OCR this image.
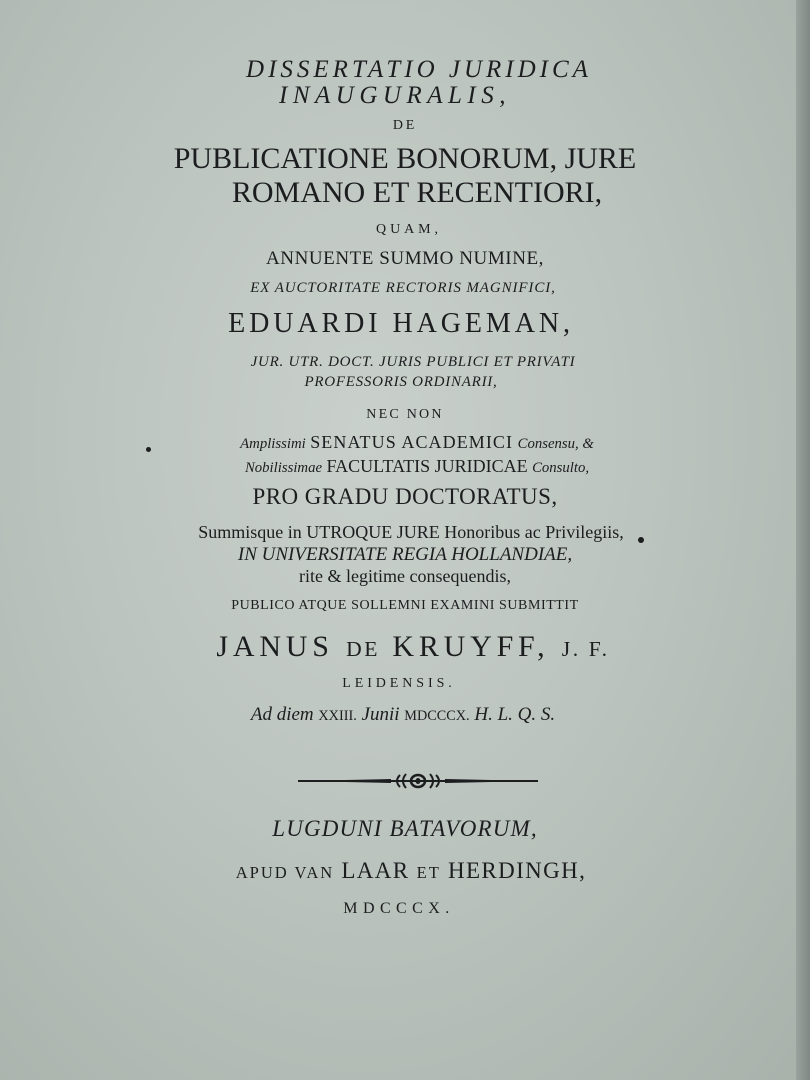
DISSERTATIO JURIDICA
INAUGURALIS,
DE
PUBLICATIONE BONORUM, JURE
ROMANO ET RECENTIORI,
QUAM,
ANNUENTE SUMMO NUMINE,
EX AUCTORITATE RECTORIS MAGNIFICI,
EDUARDI HAGEMAN,
JUR. UTR. DOCT. JURIS PUBLICI ET PRIVATI
PROFESSORIS ORDINARII,
NEC NON
Amplissimi SENATUS ACADEMICI Consensu, &
Nobilissimae FACULTATIS JURIDICAE Consulto,
PRO GRADU DOCTORATUS,
Summisque in UTROQUE JURE Honoribus ac Privilegiis,
IN UNIVERSITATE REGIA HOLLANDIAE,
rite & legitime consequendis,
PUBLICO ATQUE SOLLEMNI EXAMINI SUBMITTIT
JANUS DE KRUYFF, J. F.
LEIDENSIS.
Ad diem XXIII. Junii MDCCCX. H. L. Q. S.
LUGDUNI BATAVORUM,
APUD VAN LAAR ET HERDINGH,
MDCCCX.
